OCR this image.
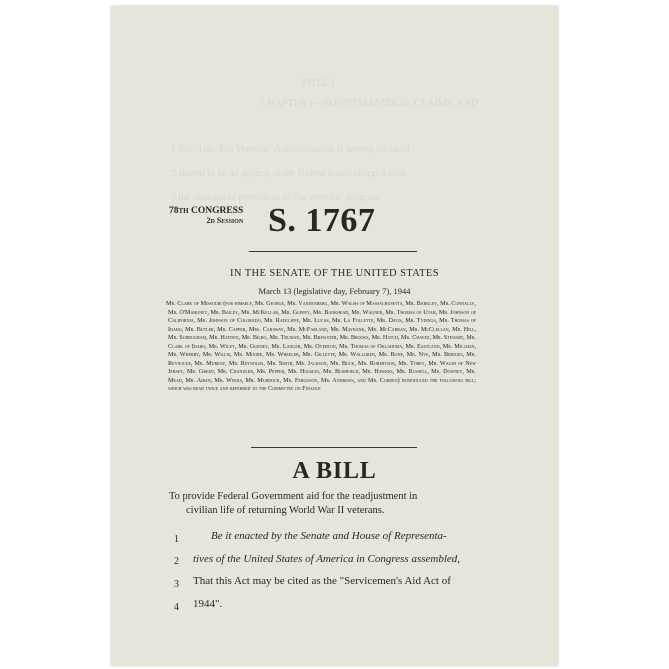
TITLE I
CHAPTER I—HOSPITALIZATION, CLAIMS, AND
1 Sec. 100. The Veterans' Administration is hereby declared
2 shared to be an agency of the United States charged with
3 the reasonable provisions of the veterans' program
78th CONGRESS
2d Session S. 1767
IN THE SENATE OF THE UNITED STATES
March 13 (legislative day, February 7), 1944
Mr. Clark of Missouri (for himself, Mr. George, Mr. Vandenberg, Mr. Walsh of Massachusetts, Mr. Barkley, Mr. Connally, Mr. O'Mahoney, Mr. Bailey, Mr. McKellar, Mr. Guffey, Mr. Bankhead, Mr. Wagner, Mr. Thomas of Utah, Mr. Johnson of California, Mr. Johnson of Colorado, Mr. Radcliffe, Mr. Lucas, Mr. La Follette, Mr. Davis, Mr. Tydings, Mr. Thomas of Idaho, Mr. Butler, Mr. Capper, Mrs. Caraway, Mr. McFarland, Mr. Maybank, Mr. McCarran, Mr. McClellan, Mr. Hill, Mr. Schrugham, Mr. Hayden, Mr. Bilbo, Mr. Truman, Mr. Brewster, Mr. Brooks, Mr. Hatch, Mr. Chavez, Mr. Stewart, Mr. Clark of Idaho, Mr. Wiley, Mr. Gurney, Mr. Langer, Mr. Overton, Mr. Thomas of Oklahoma, Mr. Eastland, Mr. Millikin, Mr. Wherry, Mr. Willis, Mr. Moore, Mr. Wheeler, Mr. Gillette, Mr. Wallgren, Mr. Bone, Mr. Nye, Mr. Bridges, Mr. Reynolds, Mr. Murray, Mr. Reynolds, Mr. Smith, Mr. Jackson, Mr. Buck, Mr. Robertson, Mr. Tobey, Mr. Walsh of New Jersey, Mr. Green, Mr. Chandler, Mr. Pepper, Mr. Holman, Mr. Bushfield, Mr. Hawkes, Mr. Russell, Mr. Downey, Mr. Mead, Mr. Aiken, Mr. Weeks, Mr. Murdock, Mr. Ferguson, Mr. Andrews, and Mr. Corden) introduced the following bill; which was read twice and referred to the Committee on Finance
A BILL
To provide Federal Government aid for the readjustment in
civilian life of returning World War II veterans.
1	Be it enacted by the Senate and House of Representa-
2 tives of the United States of America in Congress assembled,
3 That this Act may be cited as the "Servicemen's Aid Act of
4 1944".
